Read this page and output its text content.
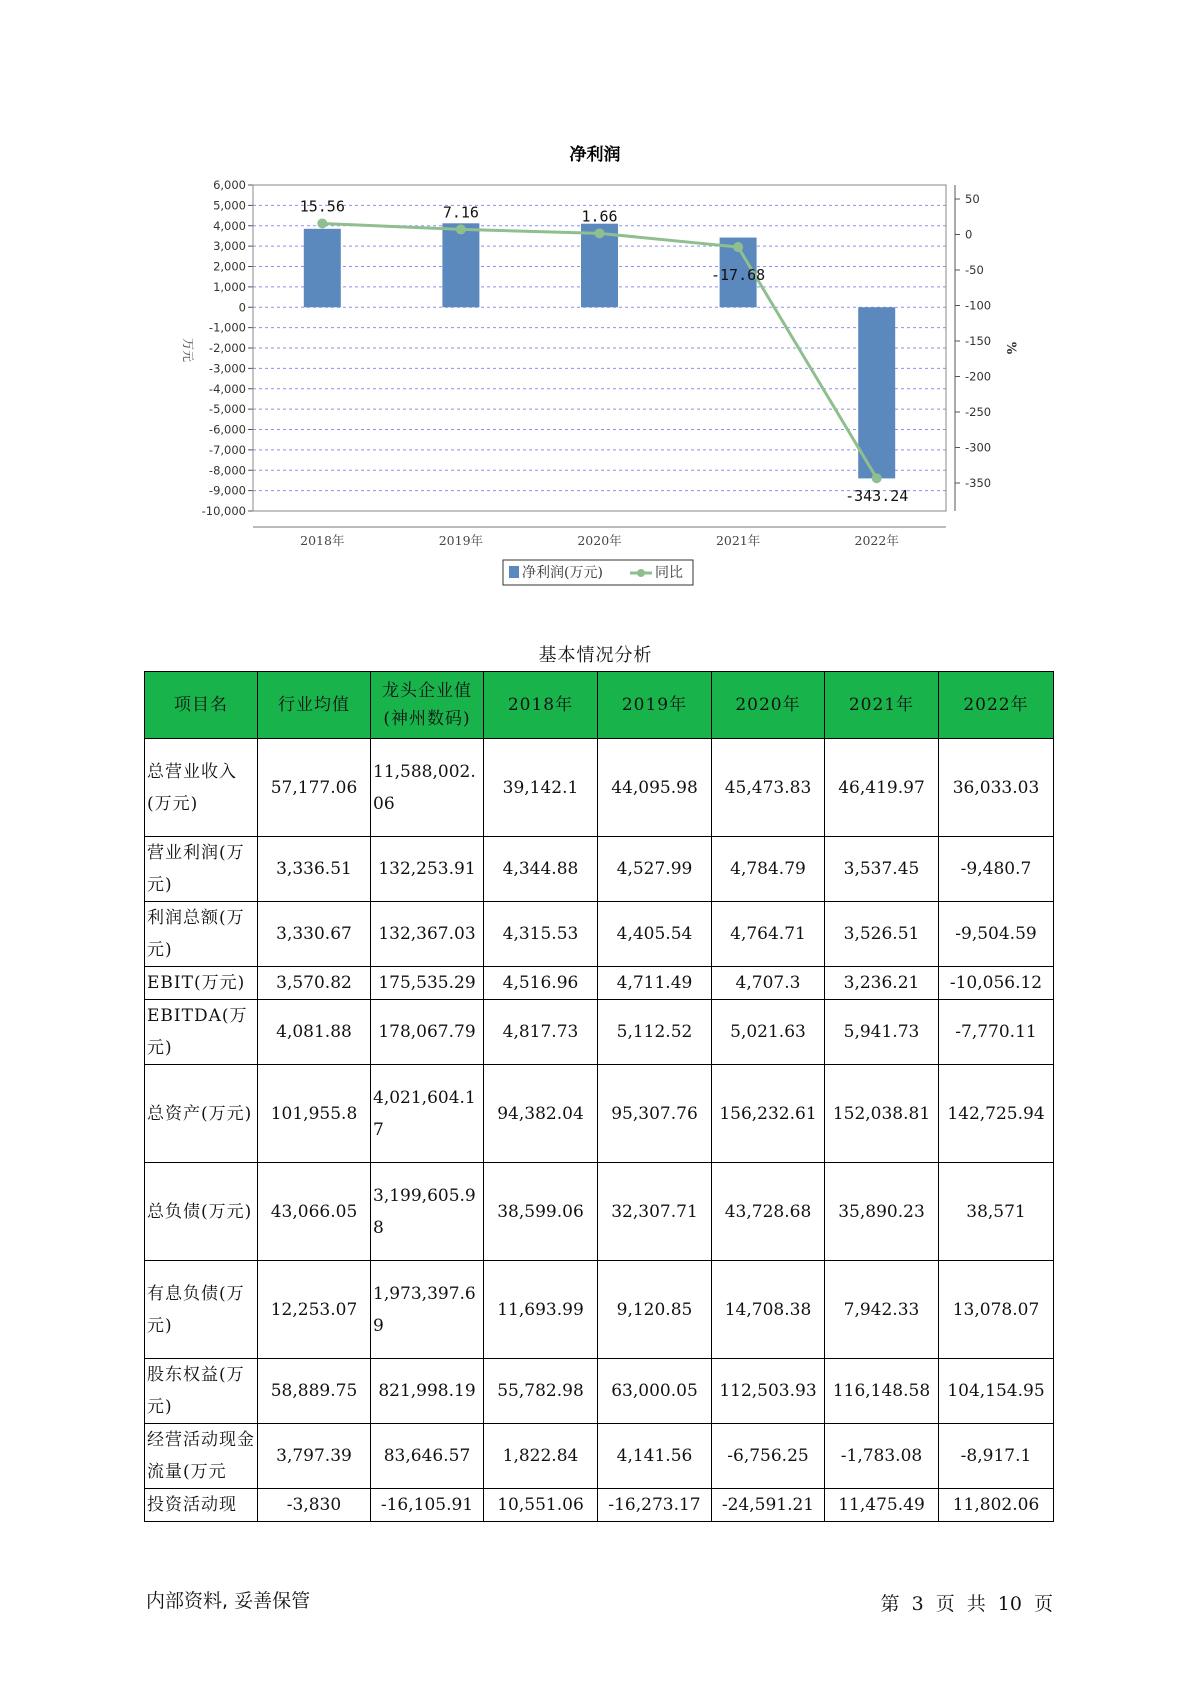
净利润
6,000
5,000
4,000
3,000
2,000
1,000
0
-1,000
-2,000
-3,000
-4,000
-5,000
-6,000
-7,000
-8,000
-9,000
-10,000
50
0
-50
-100
-150
-200
-250
-300
-350
2018年	2019年	2020年	2021年	2022年
万元	%
15.56	7.16	1.66
-17.68
-343.24
净利润(万元)	同比
基本情况分析
项目名	行业均值	龙头企业值(神州数码)	2018年	2019年	2020年	2021年	2022年
总营业收入(万元)	57,177.06	11,588,002.06	39,142.1	44,095.98	45,473.83	46,419.97	36,033.03
营业利润(万元)	3,336.51	132,253.91	4,344.88	4,527.99	4,784.79	3,537.45	-9,480.7
利润总额(万元)	3,330.67	132,367.03	4,315.53	4,405.54	4,764.71	3,526.51	-9,504.59
EBIT(万元)	3,570.82	175,535.29	4,516.96	4,711.49	4,707.3	3,236.21	-10,056.12
EBITDA(万元)	4,081.88	178,067.79	4,817.73	5,112.52	5,021.63	5,941.73	-7,770.11
总资产(万元)	101,955.8	4,021,604.17	94,382.04	95,307.76	156,232.61	152,038.81	142,725.94
总负债(万元)	43,066.05	3,199,605.98	38,599.06	32,307.71	43,728.68	35,890.23	38,571
有息负债(万元)	12,253.07	1,973,397.69	11,693.99	9,120.85	14,708.38	7,942.33	13,078.07
股东权益(万元)	58,889.75	821,998.19	55,782.98	63,000.05	112,503.93	116,148.58	104,154.95
经营活动现金流量(万元	3,797.39	83,646.57	1,822.84	4,141.56	-6,756.25	-1,783.08	-8,917.1
投资活动现	-3,830	-16,105.91	10,551.06	-16,273.17	-24,591.21	11,475.49	11,802.06
内部资料, 妥善保管	第 3 页 共 10 页
